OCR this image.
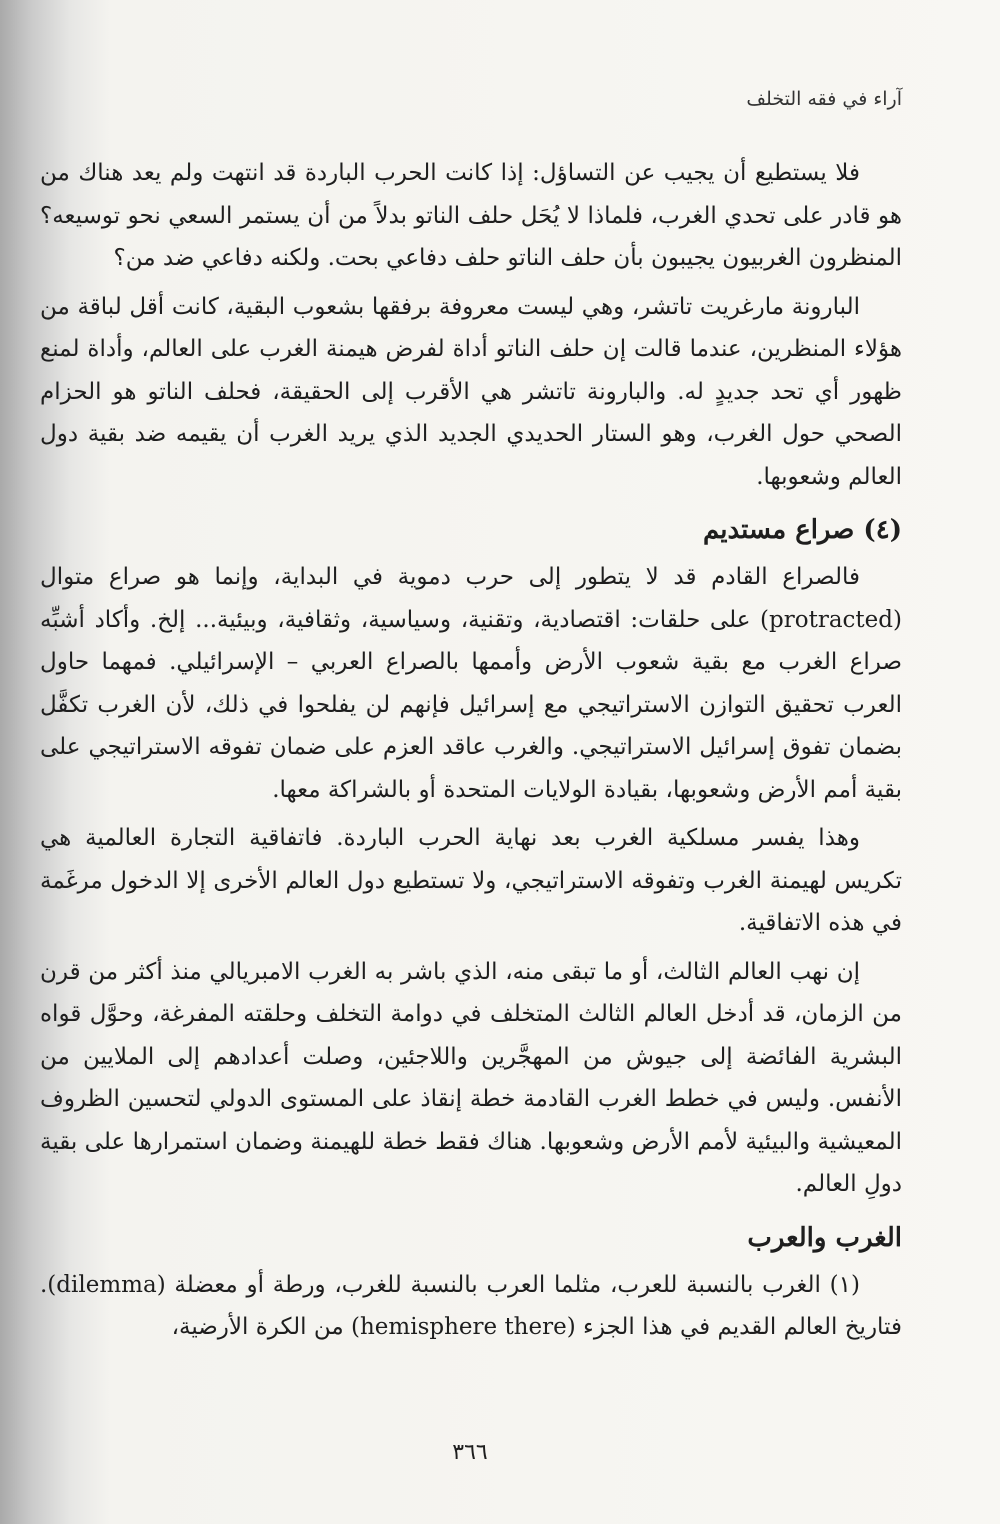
آراء في فقه التخلف

فلا يستطيع أن يجيب عن التساؤل: إذا كانت الحرب الباردة قد انتهت ولم يعد هناك من هو قادر على تحدي الغرب، فلماذا لا يُحَل حلف الناتو بدلاً من أن يستمر السعي نحو توسيعه؟ المنظرون الغربيون يجيبون بأن حلف الناتو حلف دفاعي بحت. ولكنه دفاعي ضد من؟

البارونة مارغريت تاتشر، وهي ليست معروفة برفقها بشعوب البقية، كانت أقل لباقة من هؤلاء المنظرين، عندما قالت إن حلف الناتو أداة لفرض هيمنة الغرب على العالم، وأداة لمنع ظهور أي تحد جديدٍ له. والبارونة تاتشر هي الأقرب إلى الحقيقة، فحلف الناتو هو الحزام الصحي حول الغرب، وهو الستار الحديدي الجديد الذي يريد الغرب أن يقيمه ضد بقية دول العالم وشعوبها.

(٤) صراع مستديم

فالصراع القادم قد لا يتطور إلى حرب دموية في البداية، وإنما هو صراع متوال (protracted) على حلقات: اقتصادية، وتقنية، وسياسية، وثقافية، وبيئية... إلخ. وأكاد أشبِّه صراع الغرب مع بقية شعوب الأرض وأممها بالصراع العربي – الإسرائيلي. فمهما حاول العرب تحقيق التوازن الاستراتيجي مع إسرائيل فإنهم لن يفلحوا في ذلك، لأن الغرب تكفَّل بضمان تفوق إسرائيل الاستراتيجي. والغرب عاقد العزم على ضمان تفوقه الاستراتيجي على بقية أمم الأرض وشعوبها، بقيادة الولايات المتحدة أو بالشراكة معها.

وهذا يفسر مسلكية الغرب بعد نهاية الحرب الباردة. فاتفاقية التجارة العالمية هي تكريس لهيمنة الغرب وتفوقه الاستراتيجي، ولا تستطيع دول العالم الأخرى إلا الدخول مرغَمة في هذه الاتفاقية.

إن نهب العالم الثالث، أو ما تبقى منه، الذي باشر به الغرب الامبريالي منذ أكثر من قرن من الزمان، قد أدخل العالم الثالث المتخلف في دوامة التخلف وحلقته المفرغة، وحوَّل قواه البشرية الفائضة إلى جيوش من المهجَّرين واللاجئين، وصلت أعدادهم إلى الملايين من الأنفس. وليس في خطط الغرب القادمة خطة إنقاذ على المستوى الدولي لتحسين الظروف المعيشية والبيئية لأمم الأرض وشعوبها. هناك فقط خطة للهيمنة وضمان استمرارها على بقية دولِ العالم.

الغرب والعرب

(١) الغرب بالنسبة للعرب، مثلما العرب بالنسبة للغرب، ورطة أو معضلة (dilemma). فتاريخ العالم القديم في هذا الجزء (hemisphere there) من الكرة الأرضية،

٣٦٦
